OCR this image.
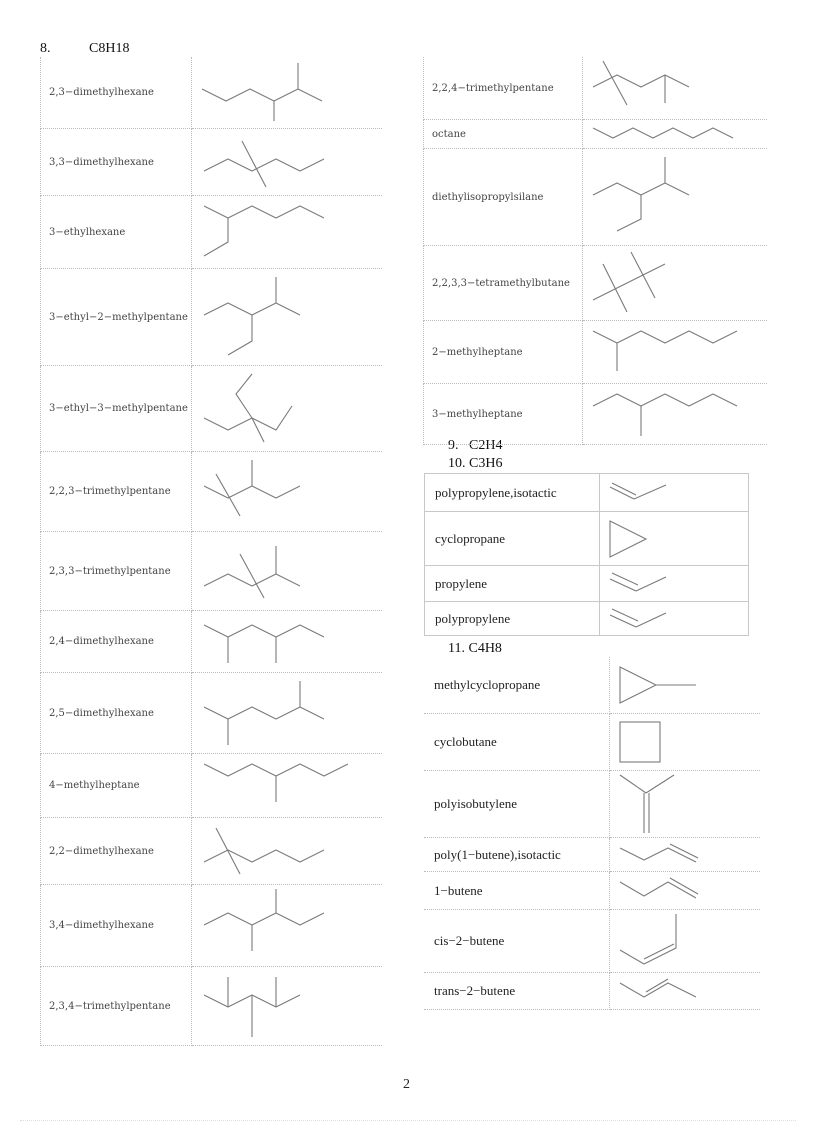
8.           C8H18
9.   C2H4
10. C3H6
11. C4H8
2,3−dimethylhexane	

3,3−dimethylhexane	

3−ethylhexane	

3−ethyl−2−methylpentane	

3−ethyl−3−methylpentane	

2,2,3−trimethylpentane	

2,3,3−trimethylpentane	

2,4−dimethylhexane	

2,5−dimethylhexane	

4−methylheptane	

2,2−dimethylhexane	

3,4−dimethylhexane	

2,3,4−trimethylpentane	
2,2,4−trimethylpentane	

octane	

diethylisopropylsilane	

2,2,3,3−tetramethylbutane	

2−methylheptane	

3−methylheptane	
polypropylene,isotactic	

cyclopropane	

propylene	

polypropylene	
methylcyclopropane	

cyclobutane	

polyisobutylene	

poly(1−butene),isotactic	

1−butene	

cis−2−butene	

trans−2−butene	
2
